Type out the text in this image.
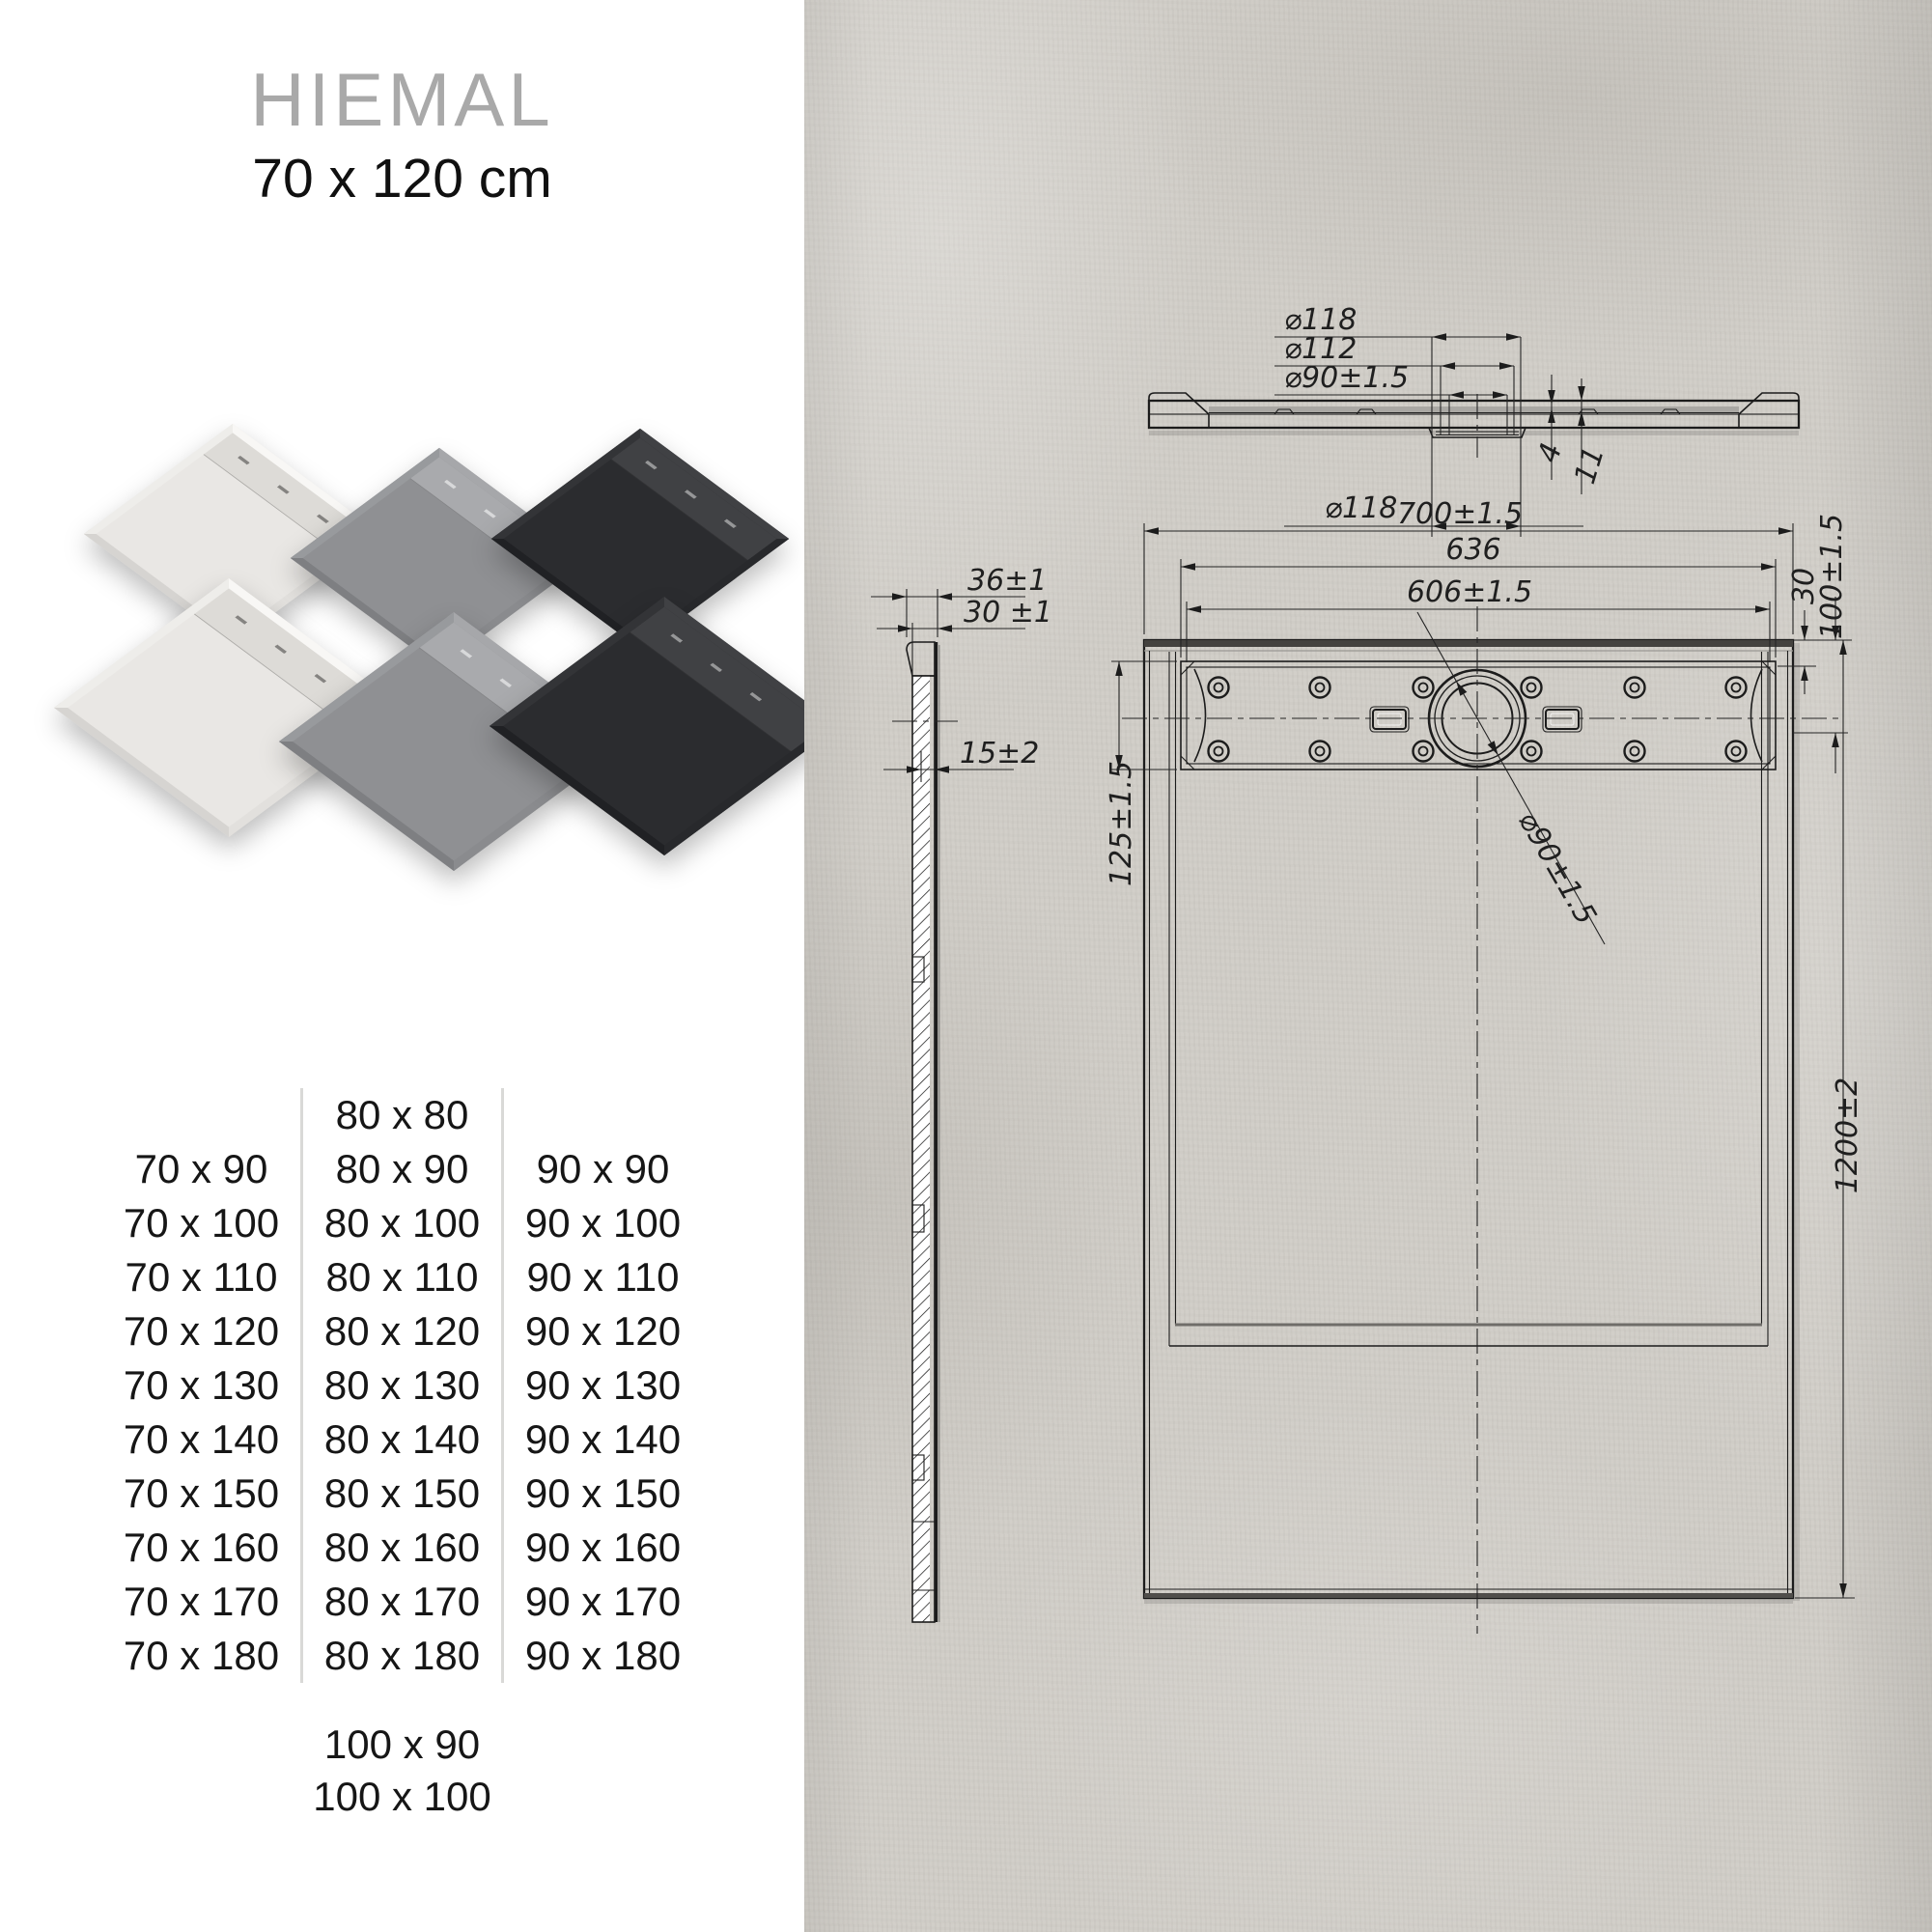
HIEMAL
70 x 120 cm
70 x 90
70 x 100
70 x 110
70 x 120
70 x 130
70 x 140
70 x 150
70 x 160
70 x 170
70 x 180
80 x 80
80 x 90
80 x 100
80 x 110
80 x 120
80 x 130
80 x 140
80 x 150
80 x 160
80 x 170
80 x 180
90 x 90
90 x 100
90 x 110
90 x 120
90 x 130
90 x 140
90 x 150
90 x 160
90 x 170
90 x 180
100 x 90
100 x 100
⌀118
⌀112
⌀90±1.5
⌀118
4
11
36±1
30 ±1
15±2
700±1.5
636
606±1.5	30
100±1.5
125±1.5	⌀90±1.5
1200±2
